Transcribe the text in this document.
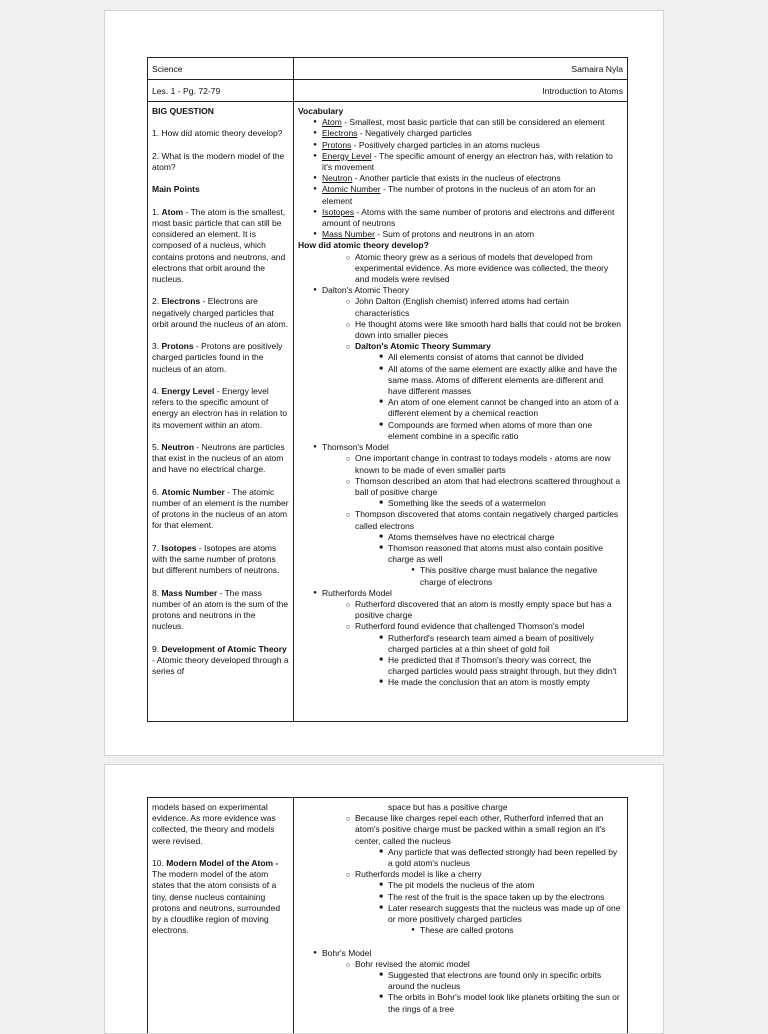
Science	Samaira Nyla
Les. 1 - Pg. 72-79	Introduction to Atoms

BIG QUESTION

1. How did atomic theory develop?

2. What is the modern model of the atom?

Main Points

1. Atom - The atom is the smallest, most basic particle that can still be considered an element. It is composed of a nucleus, which contains protons and neutrons, and electrons that orbit around the nucleus.

2. Electrons - Electrons are negatively charged particles that orbit around the nucleus of an atom.

3. Protons - Protons are positively charged particles found in the nucleus of an atom.

4. Energy Level - Energy level refers to the specific amount of energy an electron has in relation to its movement within an atom.

5. Neutron - Neutrons are particles that exist in the nucleus of an atom and have no electrical charge.

6. Atomic Number - The atomic number of an element is the number of protons in the nucleus of an atom for that element.

7. Isotopes - Isotopes are atoms with the same number of protons but different numbers of neutrons.

8. Mass Number - The mass number of an atom is the sum of the protons and neutrons in the nucleus.

9. Development of Atomic Theory - Atomic theory developed through a series of

Vocabulary
● Atom - Smallest, most basic particle that can still be considered an element
● Electrons - Negatively charged particles
● Protons - Positively charged particles in an atoms nucleus
● Energy Level - The specific amount of energy an electron has, with relation to it's movement
● Neutron - Another particle that exists in the nucleus of electrons
● Atomic Number - The number of protons in the nucleus of an atom for an element
● Isotopes - Atoms with the same number of protons and electrons and different amount of neutrons
● Mass Number - Sum of protons and neutrons in an atom
How did atomic theory develop?
○ Atomic theory grew as a serious of models that developed from experimental evidence. As more evidence was collected, the theory and models were revised
● Dalton's Atomic Theory
○ John Dalton (English chemist) inferred atoms had certain characteristics
○ He thought atoms were like smooth hard balls that could not be broken down into smaller pieces
○ Dalton's Atomic Theory Summary
■ All elements consist of atoms that cannot be divided
■ All atoms of the same element are exactly alike and have the same mass. Atoms of different elements are different and have different masses
■ An atom of one element cannot be changed into an atom of a different element by a chemical reaction
■ Compounds are formed when atoms of more than one element combine in a specific ratio
● Thomson's Model
○ One important change in contrast to todays models - atoms are now known to be made of even smaller parts
○ Thomson described an atom that had electrons scattered throughout a ball of positive charge
■ Something like the seeds of a watermelon
○ Thompson discovered that atoms contain negatively charged particles called electrons
■ Atoms themselves have no electrical charge
■ Thomson reasoned that atoms must also contain positive charge as well
● This positive charge must balance the negative charge of electrons
● Rutherfords Model
○ Rutherford discovered that an atom is mostly empty space but has a positive charge
○ Rutherford found evidence that challenged Thomson's model
■ Rutherford's research team aimed a beam of positively charged particles at a thin sheet of gold foil
■ He predicted that if Thomson's theory was correct, the charged particles would pass straight through, but they didn't
■ He made the conclusion that an atom is mostly empty

models based on experimental evidence. As more evidence was collected, the theory and models were revised.

10. Modern Model of the Atom - The modern model of the atom states that the atom consists of a tiny, dense nucleus containing protons and neutrons, surrounded by a cloudlike region of moving electrons.

space but has a positive charge
○ Because like charges repel each other, Rutherford inferred that an atom's positive charge must be packed within a small region an it's center, called the nucleus
■ Any particle that was deflected strongly had been repelled by a gold atom's nucleus
○ Rutherfords model is like a cherry
■ The pit models the nucleus of the atom
■ The rest of the fruit is the space taken up by the electrons
■ Later research suggests that the nucleus was made up of one or more positively charged particles
● These are called protons
● Bohr's Model
○ Bohr revised the atomic model
■ Suggested that electrons are found only in specific orbits around the nucleus
■ The orbits in Bohr's model look like planets orbiting the sun or the rings of a tree
